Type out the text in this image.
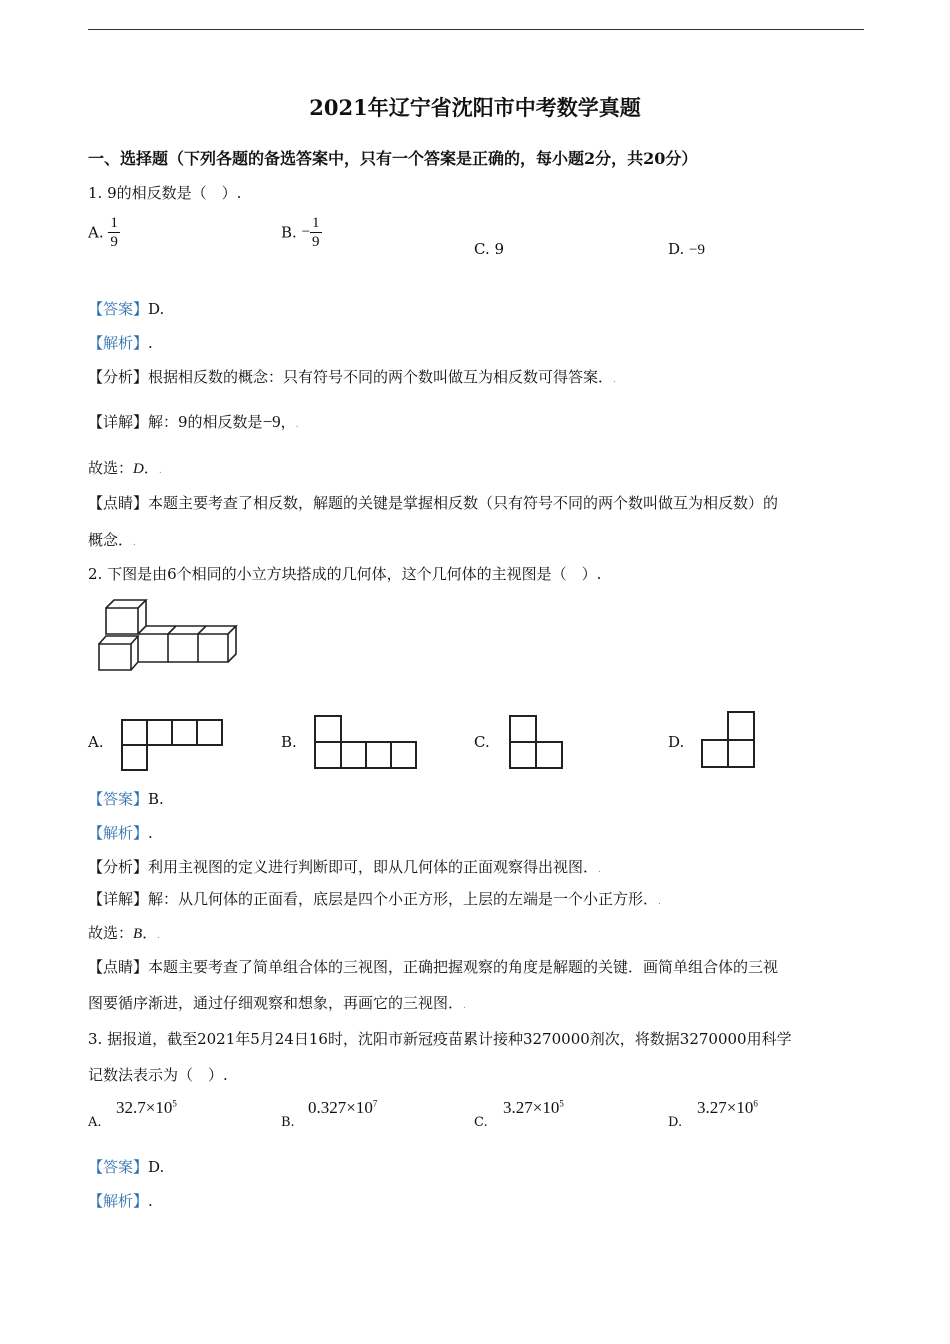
2021年辽宁省沈阳市中考数学真题
一、选择题（下列各题的备选答案中，只有一个答案是正确的，每小题2分，共20分）
1. 9的相反数是（　）.
A. $\frac{1}{9}$	B. − $\frac{1}{9}$	C. 9	D. −9
【答案】D.
【解析】.
【分析】根据相反数的概念：只有符号不同的两个数叫做互为相反数可得答案．.
【详解】解：9的相反数是−9，.
故选：D．.
【点睛】本题主要考查了相反数，解题的关键是掌握相反数（只有符号不同的两个数叫做互为相反数）的
概念．.
2. 下图是由6个相同的小立方块搭成的几何体，这个几何体的主视图是（　）.
A.	B.	C.	D.
【答案】B.
【解析】.
【分析】利用主视图的定义进行判断即可，即从几何体的正面观察得出视图．.
【详解】解：从几何体的正面看，底层是四个小正方形，上层的左端是一个小正方形．.
故选：B．.
【点睛】本题主要考查了简单组合体的三视图，正确把握观察的角度是解题的关键．画简单组合体的三视
图要循序渐进，通过仔细观察和想象，再画它的三视图．.
3. 据报道，截至2021年5月24日16时，沈阳市新冠疫苗累计接种3270000剂次，将数据3270000用科学
记数法表示为（　）.
A.
$32.7\times 10^5$
B.
$0.327\times 10^7$
C.
$3.27\times 10^5$
D.
$3.27\times 10^6$
【答案】D.
【解析】.
